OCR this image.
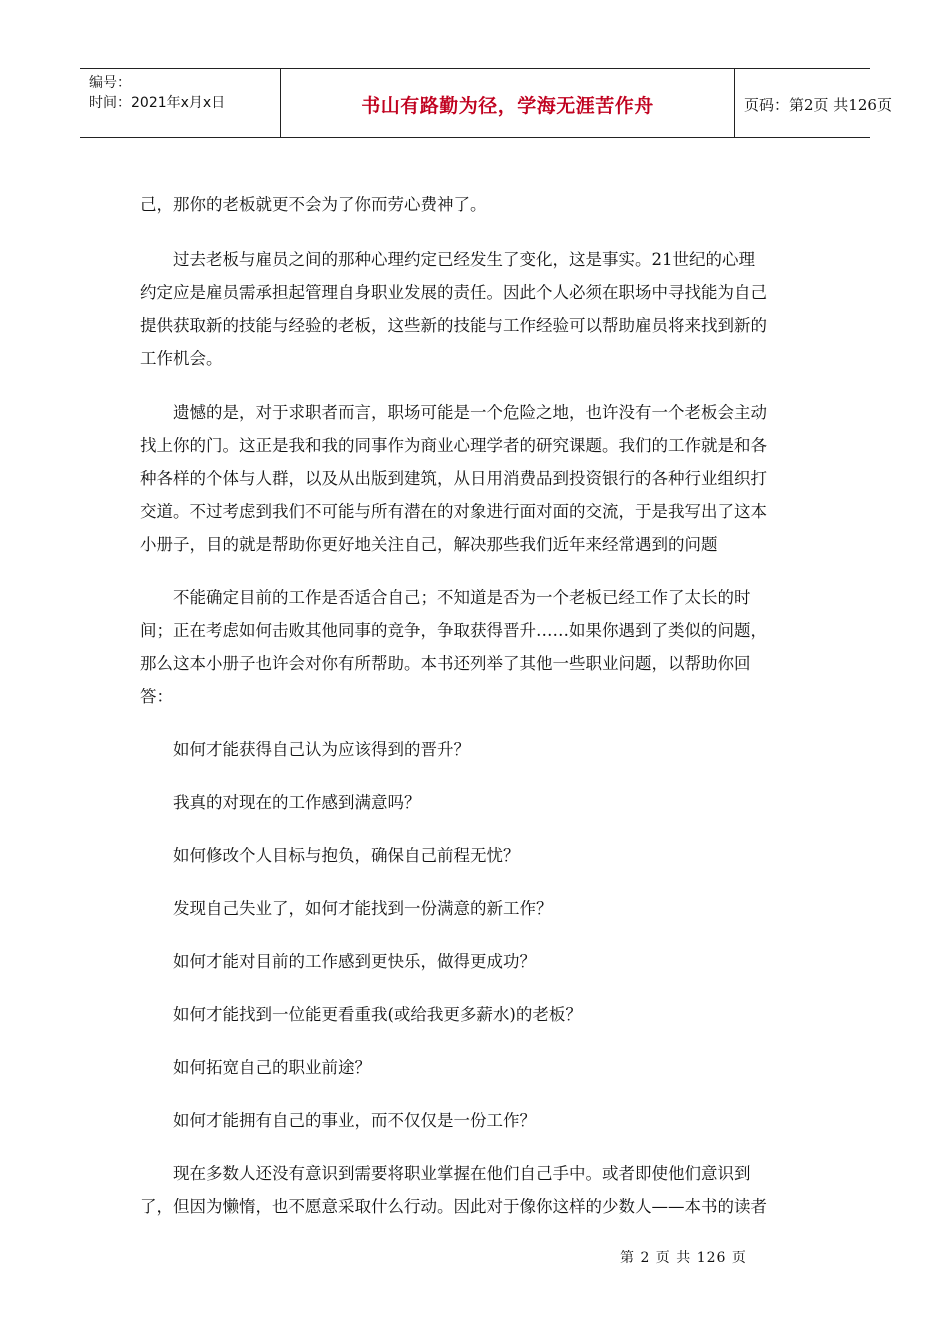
编号：
时间：2021年x月x日	书山有路勤为径，学海无涯苦作舟	页码：第2页 共126页

己，那你的老板就更不会为了你而劳心费神了。

过去老板与雇员之间的那种心理约定已经发生了变化，这是事实。21世纪的心理

约定应是雇员需承担起管理自身职业发展的责任。因此个人必须在职场中寻找能为自己

提供获取新的技能与经验的老板，这些新的技能与工作经验可以帮助雇员将来找到新的

工作机会。

遗憾的是，对于求职者而言，职场可能是一个危险之地，也许没有一个老板会主动

找上你的门。这正是我和我的同事作为商业心理学者的研究课题。我们的工作就是和各

种各样的个体与人群，以及从出版到建筑，从日用消费品到投资银行的各种行业组织打

交道。不过考虑到我们不可能与所有潜在的对象进行面对面的交流，于是我写出了这本

小册子，目的就是帮助你更好地关注自己，解决那些我们近年来经常遇到的问题

不能确定目前的工作是否适合自己；不知道是否为一个老板已经工作了太长的时

间；正在考虑如何击败其他同事的竞争，争取获得晋升……如果你遇到了类似的问题，

那么这本小册子也许会对你有所帮助。本书还列举了其他一些职业问题，以帮助你回

答：

如何才能获得自己认为应该得到的晋升？

我真的对现在的工作感到满意吗？

如何修改个人目标与抱负，确保自己前程无忧？

发现自己失业了，如何才能找到一份满意的新工作？

如何才能对目前的工作感到更快乐，做得更成功？

如何才能找到一位能更看重我(或给我更多薪水)的老板？

如何拓宽自己的职业前途？

如何才能拥有自己的事业，而不仅仅是一份工作？

现在多数人还没有意识到需要将职业掌握在他们自己手中。或者即使他们意识到

了，但因为懒惰，也不愿意采取什么行动。因此对于像你这样的少数人——本书的读者

第 2 页 共 126 页
